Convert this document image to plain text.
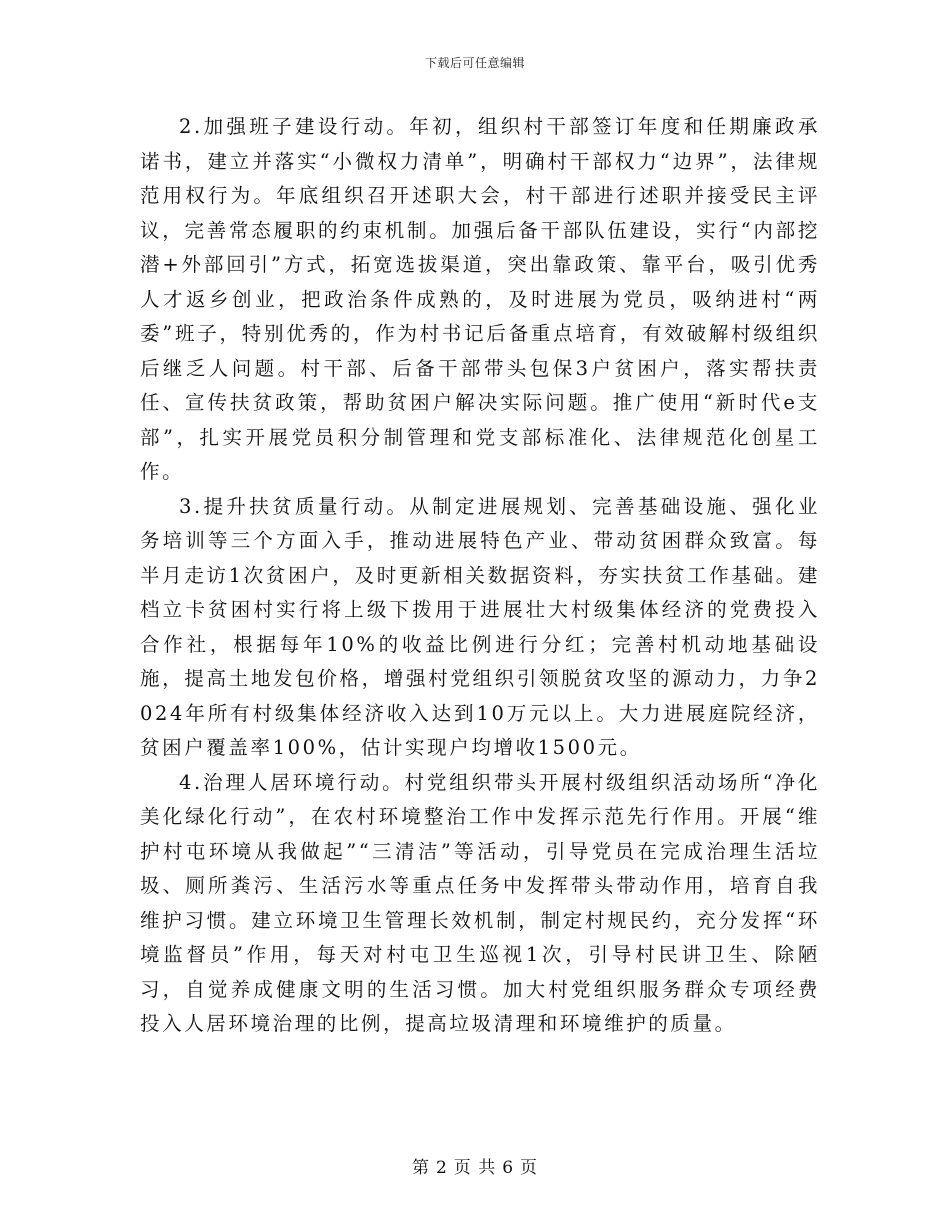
下载后可任意编辑

2.加强班子建设行动。年初，组织村干部签订年度和任期廉政承诺书，建立并落实“小微权力清单”，明确村干部权力“边界”，法律规范用权行为。年底组织召开述职大会，村干部进行述职并接受民主评议，完善常态履职的约束机制。加强后备干部队伍建设，实行“内部挖潜+外部回引”方式，拓宽选拔渠道，突出靠政策、靠平台，吸引优秀人才返乡创业，把政治条件成熟的，及时进展为党员，吸纳进村“两委”班子，特别优秀的，作为村书记后备重点培育，有效破解村级组织后继乏人问题。村干部、后备干部带头包保3户贫困户，落实帮扶责任、宣传扶贫政策，帮助贫困户解决实际问题。推广使用“新时代e支部”，扎实开展党员积分制管理和党支部标准化、法律规范化创星工作。

3.提升扶贫质量行动。从制定进展规划、完善基础设施、强化业务培训等三个方面入手，推动进展特色产业、带动贫困群众致富。每半月走访1次贫困户，及时更新相关数据资料，夯实扶贫工作基础。建档立卡贫困村实行将上级下拨用于进展壮大村级集体经济的党费投入合作社，根据每年10%的收益比例进行分红；完善村机动地基础设施，提高土地发包价格，增强村党组织引领脱贫攻坚的源动力，力争2024年所有村级集体经济收入达到10万元以上。大力进展庭院经济，贫困户覆盖率100%，估计实现户均增收1500元。

4.治理人居环境行动。村党组织带头开展村级组织活动场所“净化美化绿化行动”，在农村环境整治工作中发挥示范先行作用。开展“维护村屯环境从我做起”“三清洁”等活动，引导党员在完成治理生活垃圾、厕所粪污、生活污水等重点任务中发挥带头带动作用，培育自我维护习惯。建立环境卫生管理长效机制，制定村规民约，充分发挥“环境监督员”作用，每天对村屯卫生巡视1次，引导村民讲卫生、除陋习，自觉养成健康文明的生活习惯。加大村党组织服务群众专项经费投入人居环境治理的比例，提高垃圾清理和环境维护的质量。

第 2 页 共 6 页
